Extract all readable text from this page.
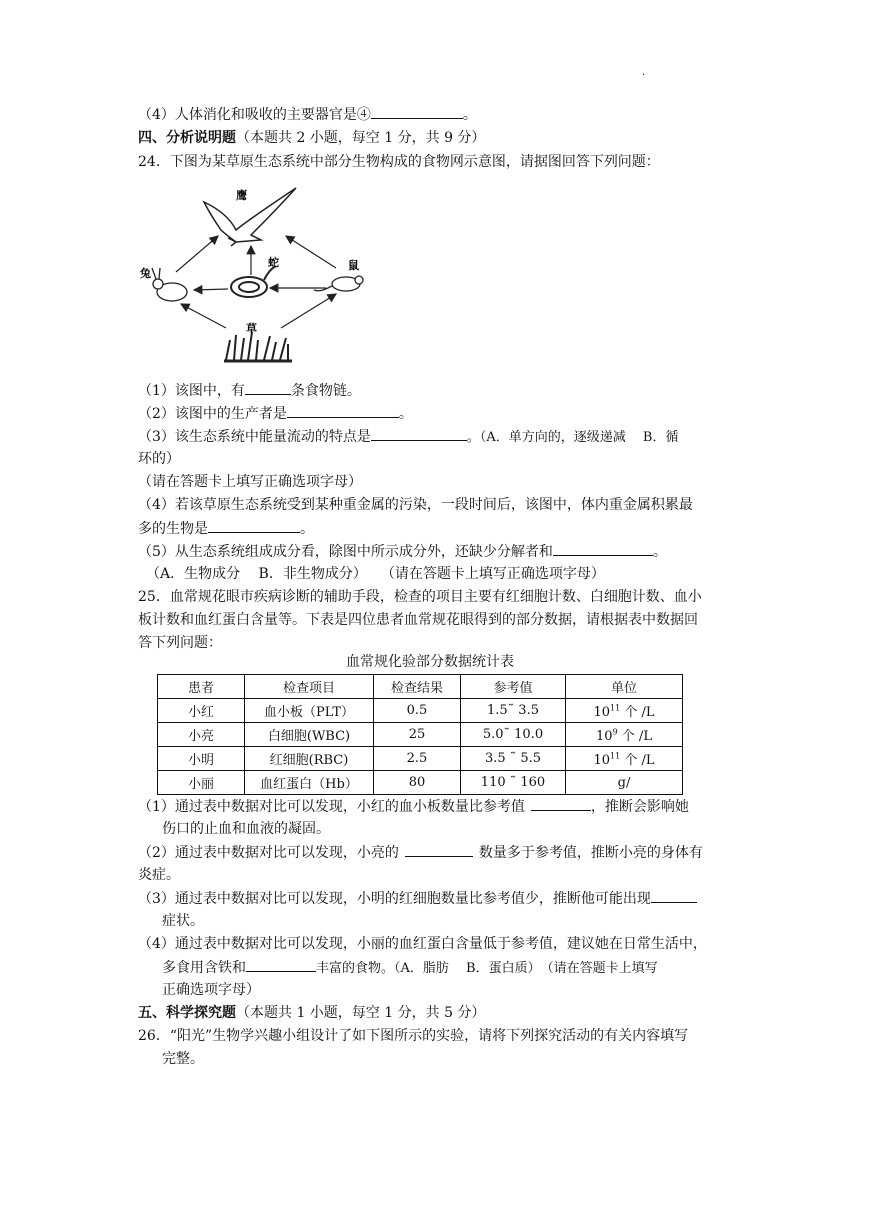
·
（4）人体消化和吸收的主要器官是④	。
四、分析说明题（本题共 2 小题，每空 1 分，共 9 分）
24．下图为某草原生态系统中部分生物构成的食物网示意图，请据图回答下列问题：
鹰
蛇
兔
鼠
草
（1）该图中，有	条食物链。
（2）该图中的生产者是	。
（3）该生态系统中能量流动的特点是	。（A．单方向的，逐级递减　 B．循
环的）
（请在答题卡上填写正确选项字母）
（4）若该草原生态系统受到某种重金属的污染，一段时间后，该图中，体内重金属积累最
多的生物是	。
（5）从生态系统组成成分看，除图中所示成分外，还缺少分解者和	。
（A．生物成分　 B．非生物成分）　　（请在答题卡上填写正确选项字母）
25．血常规花眼市疾病诊断的辅助手段，检查的项目主要有红细胞计数、白细胞计数、血小
板计数和血红蛋白含量等。下表是四位患者血常规花眼得到的部分数据，请根据表中数据回
答下列问题：
血常规化验部分数据统计表
患者	检查项目	检查结果	参考值	单位
小红	血小板（PLT）	0.5	1.5˜ 3.5	$10^{11}$ 个 /L
小亮	白细胞(WBC)	25	5.0˜ 10.0	$10^9$ 个 /L
小明	红细胞(RBC)	2.5	3.5 ˜ 5.5	$10^{11}$ 个 /L
小丽	血红蛋白（Hb）	80	110 ˜ 160	g/
（1）通过表中数据对比可以发现，小红的血小板数量比参考值	，推断会影响她
伤口的止血和血液的凝固。
（2）通过表中数据对比可以发现，小亮的	数量多于参考值，推断小亮的身体有
炎症。
（3）通过表中数据对比可以发现，小明的红细胞数量比参考值少，推断他可能出现
症状。
（4）通过表中数据对比可以发现，小丽的血红蛋白含量低于参考值，建议她在日常生活中，
多食用含铁和	丰富的食物。（A．脂肪　 B．蛋白质）　（请在答题卡上填写
正确选项字母）
五、科学探究题（本题共 1 小题，每空 1 分，共 5 分）
26．“阳光”生物学兴趣小组设计了如下图所示的实验，请将下列探究活动的有关内容填写
完整。
